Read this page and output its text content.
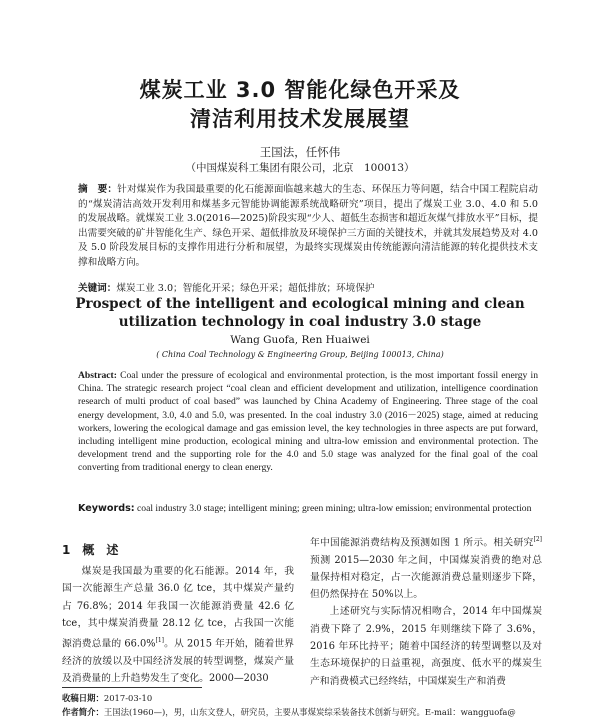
煤炭工业 3.0 智能化绿色开采及
清洁利用技术发展展望
王国法，任怀伟
（中国煤炭科工集团有限公司，北京　100013）
摘　要：针对煤炭作为我国最重要的化石能源面临越来越大的生态、环保压力等问题，结合中国工程院启动的“煤炭清洁高效开发利用和煤基多元智能协调能源系统战略研究”项目，提出了煤炭工业 3.0、4.0 和 5.0 的发展战略。就煤炭工业 3.0(2016—2025)阶段实现“少人、超低生态损害和超近灰煤气排放水平”目标，提出需要突破的矿井智能化生产、绿色开采、超低排放及环境保护三方面的关键技术，并就其发展趋势及对 4.0 及 5.0 阶段发展目标的支撑作用进行分析和展望，为最终实现煤炭由传统能源向清洁能源的转化提供技术支撑和战略方向。
关键词：煤炭工业 3.0；智能化开采；绿色开采；超低排放；环境保护
Prospect of the intelligent and ecological mining and clean
utilization technology in coal industry 3.0 stage
Wang Guofa, Ren Huaiwei
( China Coal Technology & Engineering Group, Beijing 100013, China)
Abstract: Coal under the pressure of ecological and environmental protection, is the most important fossil energy in China. The strategic research project “coal clean and efficient development and utilization, intelligence coordination research of multi product of coal based” was launched by China Academy of Engineering. Three stage of the coal energy development, 3.0, 4.0 and 5.0, was presented. In the coal industry 3.0 (2016－2025) stage, aimed at reducing workers, lowering the ecological damage and gas emission level, the key technologies in three aspects are put forward, including intelligent mine production, ecological mining and ultra-low emission and environmental protection. The development trend and the supporting role for the 4.0 and 5.0 stage was analyzed for the final goal of the coal converting from traditional energy to clean energy.
Keywords: coal industry 3.0 stage; intelligent mining; green mining; ultra-low emission; environmental protection
1 概　述
煤炭是我国最为重要的化石能源。2014 年，我国一次能源生产总量 36.0 亿 tce，其中煤炭产量约占 76.8%；2014 年我国一次能源消费量 42.6 亿 tce，其中煤炭消费量 28.12 亿 tce，占我国一次能源消费总量的 66.0%[1]。从 2015 年开始，随着世界经济的放缓以及中国经济发展的转型调整，煤炭产量及消费量的上升趋势发生了变化。2000—2030

年中国能源消费结构及预测如图 1 所示。相关研究[2]预测 2015—2030 年之间，中国煤炭消费的绝对总量保持相对稳定，占一次能源消费总量则逐步下降，但仍然保持在 50%以上。

上述研究与实际情况相吻合，2014 年中国煤炭消费下降了 2.9%，2015 年则继续下降了 3.6%，2016 年环比持平；随着中国经济的转型调整以及对生态环境保护的日益重视，高强度、低水平的煤炭生产和消费模式已经终结，中国煤炭生产和消费

收稿日期：2017-03-10
作者简介：王国法(1960—)，男，山东文登人，研究员，主要从事煤炭综采装备技术创新与研究。E-mail：wangguofa@
